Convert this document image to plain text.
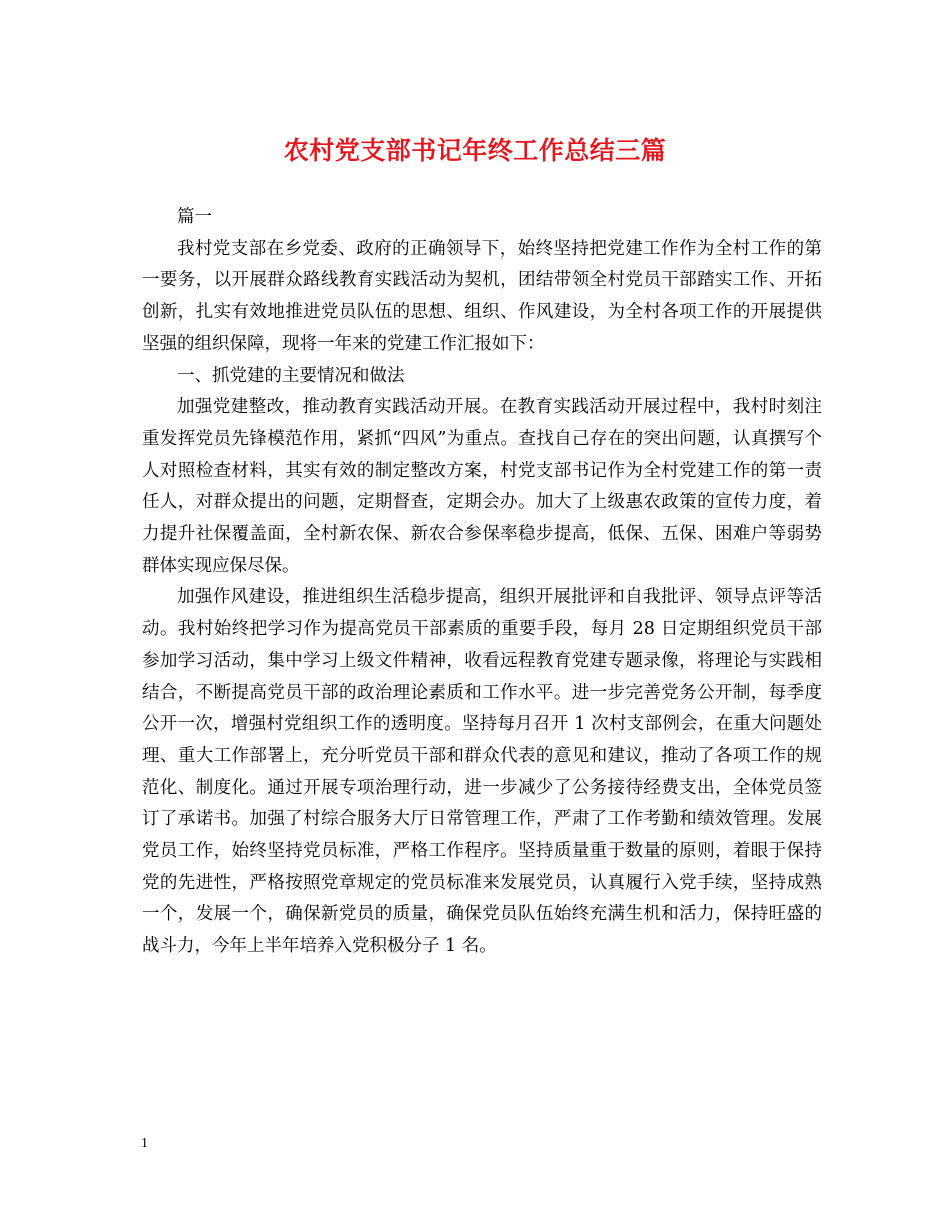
农村党支部书记年终工作总结三篇

篇一

我村党支部在乡党委、政府的正确领导下，始终坚持把党建工作作为全村工作的第一要务，以开展群众路线教育实践活动为契机，团结带领全村党员干部踏实工作、开拓创新，扎实有效地推进党员队伍的思想、组织、作风建设，为全村各项工作的开展提供坚强的组织保障，现将一年来的党建工作汇报如下：

一、抓党建的主要情况和做法

加强党建整改，推动教育实践活动开展。在教育实践活动开展过程中，我村时刻注重发挥党员先锋模范作用，紧抓“四风”为重点。查找自己存在的突出问题，认真撰写个人对照检查材料，其实有效的制定整改方案，村党支部书记作为全村党建工作的第一责任人，对群众提出的问题，定期督查，定期会办。加大了上级惠农政策的宣传力度，着力提升社保覆盖面，全村新农保、新农合参保率稳步提高，低保、五保、困难户等弱势群体实现应保尽保。

加强作风建设，推进组织生活稳步提高，组织开展批评和自我批评、领导点评等活动。我村始终把学习作为提高党员干部素质的重要手段，每月 28 日定期组织党员干部参加学习活动，集中学习上级文件精神，收看远程教育党建专题录像，将理论与实践相结合，不断提高党员干部的政治理论素质和工作水平。进一步完善党务公开制，每季度公开一次，增强村党组织工作的透明度。坚持每月召开 1 次村支部例会，在重大问题处理、重大工作部署上，充分听党员干部和群众代表的意见和建议，推动了各项工作的规范化、制度化。通过开展专项治理行动，进一步减少了公务接待经费支出，全体党员签订了承诺书。加强了村综合服务大厅日常管理工作，严肃了工作考勤和绩效管理。发展党员工作，始终坚持党员标准，严格工作程序。坚持质量重于数量的原则，着眼于保持党的先进性，严格按照党章规定的党员标准来发展党员，认真履行入党手续，坚持成熟一个，发展一个，确保新党员的质量，确保党员队伍始终充满生机和活力，保持旺盛的战斗力，今年上半年培养入党积极分子 1 名。

1
